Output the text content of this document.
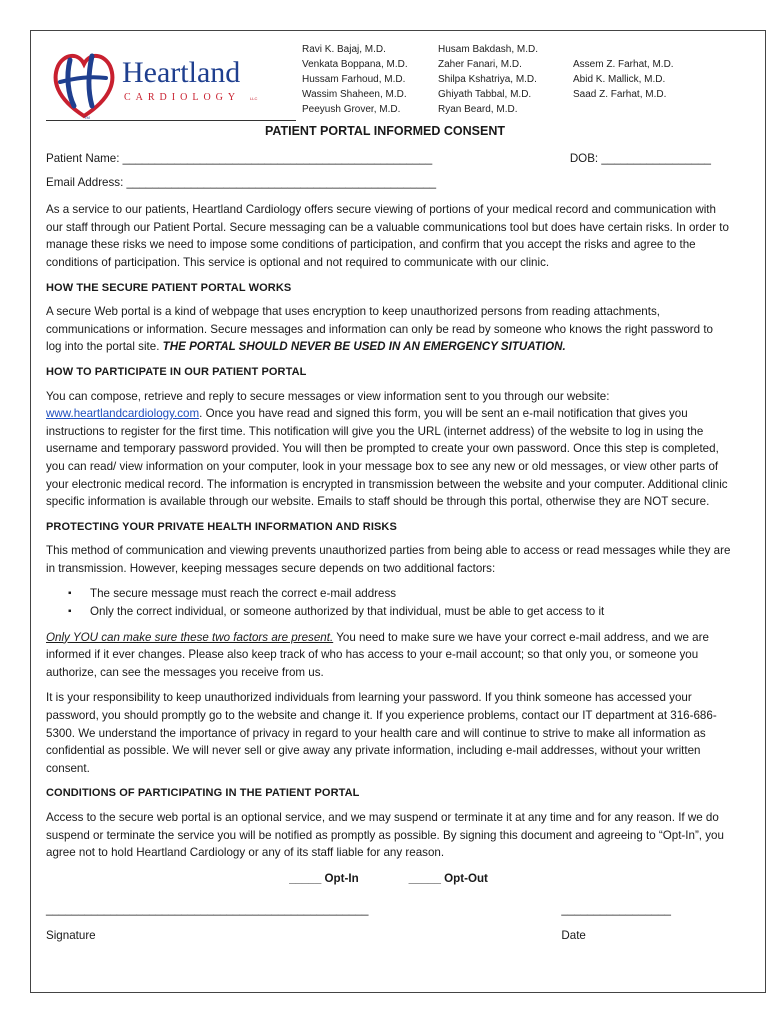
Heartland
CARDIOLOGY LLC
TM
Ravi K. Bajaj, M.D.
Venkata Boppana, M.D.
Hussam Farhoud, M.D.
Wassim Shaheen, M.D.
Peeyush Grover, M.D.
Husam Bakdash, M.D.
Zaher Fanari, M.D.
Shilpa Kshatriya, M.D.
Ghiyath Tabbal, M.D.
Ryan Beard, M.D.
Assem Z. Farhat, M.D.
Abid K. Mallick, M.D.
Saad Z. Farhat, M.D.
PATIENT PORTAL INFORMED CONSENT
Patient Name: ________________________________________________	DOB: _________________
Email Address: ________________________________________________

As a service to our patients, Heartland Cardiology offers secure viewing of portions of your medical record and communication with our staff through our Patient Portal. Secure messaging can be a valuable communications tool but does have certain risks. In order to manage these risks we need to impose some conditions of participation, and confirm that you accept the risks and agree to the conditions of participation. This service is optional and not required to communicate with our clinic.

HOW THE SECURE PATIENT PORTAL WORKS

A secure Web portal is a kind of webpage that uses encryption to keep unauthorized persons from reading attachments, communications or information. Secure messages and information can only be read by someone who knows the right password to log into the portal site. THE PORTAL SHOULD NEVER BE USED IN AN EMERGENCY SITUATION.

HOW TO PARTICIPATE IN OUR PATIENT PORTAL

You can compose, retrieve and reply to secure messages or view information sent to you through our website: www.heartlandcardiology.com. Once you have read and signed this form, you will be sent an e-mail notification that gives you instructions to register for the first time. This notification will give you the URL (internet address) of the website to log in using the username and temporary password provided. You will then be prompted to create your own password. Once this step is completed, you can read/ view information on your computer, look in your message box to see any new or old messages, or view other parts of your electronic medical record. The information is encrypted in transmission between the website and your computer. Additional clinic specific information is available through our website. Emails to staff should be through this portal, otherwise they are NOT secure.

PROTECTING YOUR PRIVATE HEALTH INFORMATION AND RISKS

This method of communication and viewing prevents unauthorized parties from being able to access or read messages while they are in transmission. However, keeping messages secure depends on two additional factors:

▪ The secure message must reach the correct e-mail address
▪ Only the correct individual, or someone authorized by that individual, must be able to get access to it

Only YOU can make sure these two factors are present. You need to make sure we have your correct e-mail address, and we are informed if it ever changes. Please also keep track of who has access to your e-mail account; so that only you, or someone you authorize, can see the messages you receive from us.

It is your responsibility to keep unauthorized individuals from learning your password. If you think someone has accessed your password, you should promptly go to the website and change it. If you experience problems, contact our IT department at 316-686-5300. We understand the importance of privacy in regard to your health care and will continue to strive to make all information as confidential as possible. We will never sell or give away any private information, including e-mail addresses, without your written consent.

CONDITIONS OF PARTICIPATING IN THE PATIENT PORTAL

Access to the secure web portal is an optional service, and we may suspend or terminate it at any time and for any reason. If we do suspend or terminate the service you will be notified as promptly as possible. By signing this document and agreeing to “Opt-In”, you agree not to hold Heartland Cardiology or any of its staff liable for any reason.

_____ Opt-In	_____ Opt-Out
__________________________________________________
Signature
_________________
Date
